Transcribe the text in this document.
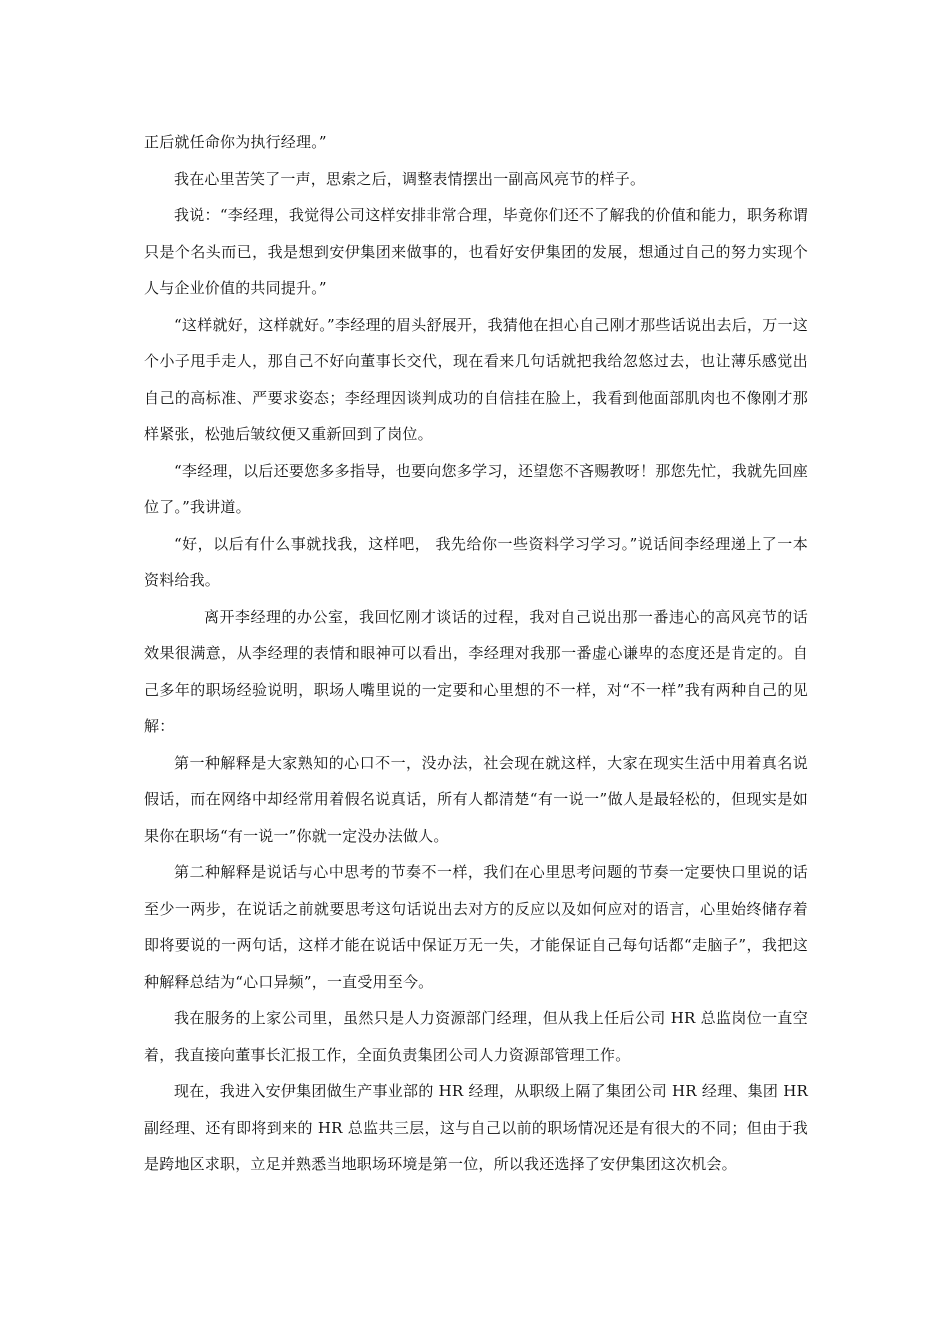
正后就任命你为执行经理。”

我在心里苦笑了一声，思索之后，调整表情摆出一副高风亮节的样子。

我说：“李经理，我觉得公司这样安排非常合理，毕竟你们还不了解我的价值和能力，职务称谓只是个名头而已，我是想到安伊集团来做事的，也看好安伊集团的发展，想通过自己的努力实现个人与企业价值的共同提升。”

“这样就好，这样就好。”李经理的眉头舒展开，我猜他在担心自己刚才那些话说出去后，万一这个小子甩手走人，那自己不好向董事长交代，现在看来几句话就把我给忽悠过去，也让薄乐感觉出自己的高标准、严要求姿态；李经理因谈判成功的自信挂在脸上，我看到他面部肌肉也不像刚才那样紧张，松弛后皱纹便又重新回到了岗位。

“李经理，以后还要您多多指导，也要向您多学习，还望您不吝赐教呀！那您先忙，我就先回座位了。”我讲道。

“好，以后有什么事就找我，这样吧， 我先给你一些资料学习学习。”说话间李经理递上了一本资料给我。

离开李经理的办公室，我回忆刚才谈话的过程，我对自己说出那一番违心的高风亮节的话效果很满意，从李经理的表情和眼神可以看出，李经理对我那一番虚心谦卑的态度还是肯定的。自己多年的职场经验说明，职场人嘴里说的一定要和心里想的不一样，对“不一样”我有两种自己的见解：

第一种解释是大家熟知的心口不一，没办法，社会现在就这样，大家在现实生活中用着真名说假话，而在网络中却经常用着假名说真话，所有人都清楚“有一说一”做人是最轻松的，但现实是如果你在职场“有一说一”你就一定没办法做人。

第二种解释是说话与心中思考的节奏不一样，我们在心里思考问题的节奏一定要快口里说的话至少一两步，在说话之前就要思考这句话说出去对方的反应以及如何应对的语言，心里始终储存着即将要说的一两句话，这样才能在说话中保证万无一失，才能保证自己每句话都“走脑子”，我把这种解释总结为“心口异频”，一直受用至今。

我在服务的上家公司里，虽然只是人力资源部门经理，但从我上任后公司 HR 总监岗位一直空着，我直接向董事长汇报工作，全面负责集团公司人力资源部管理工作。

现在，我进入安伊集团做生产事业部的 HR 经理，从职级上隔了集团公司 HR 经理、集团 HR 副经理、还有即将到来的 HR 总监共三层，这与自己以前的职场情况还是有很大的不同；但由于我是跨地区求职，立足并熟悉当地职场环境是第一位，所以我还选择了安伊集团这次机会。
